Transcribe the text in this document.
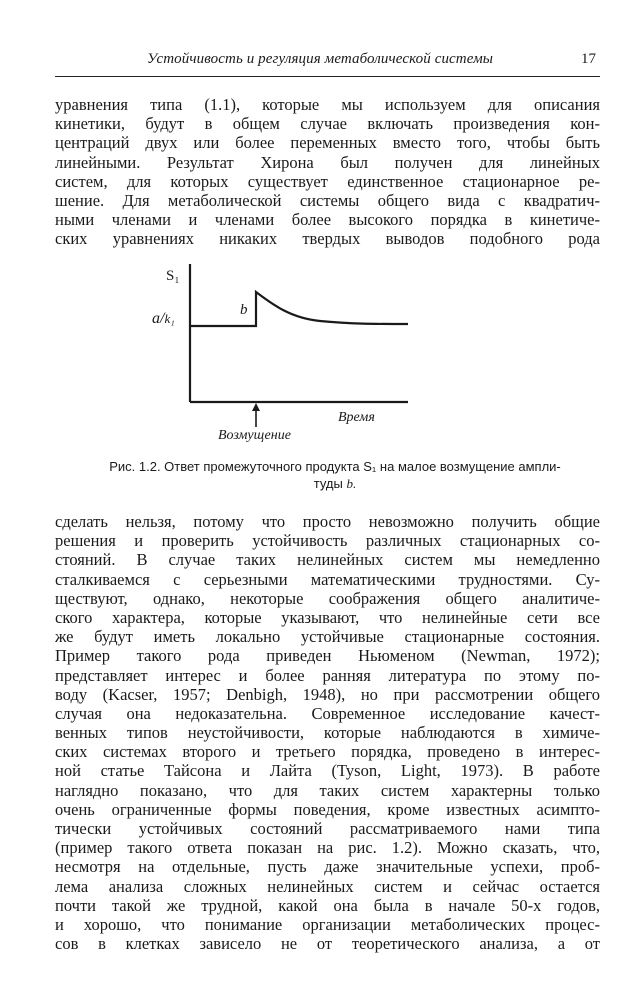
Устойчивость и регуляция метаболической системы	17
уравнения типа (1.1), которые мы используем для описания
кинетики, будут в общем случае включать произведения кон-
центраций двух или более переменных вместо того, чтобы быть
линейными. Результат Хирона был получен для линейных
систем, для которых существует единственное стационарное ре-
шение. Для метаболической системы общего вида с квадратич-
ными членами и членами более высокого порядка в кинетиче-
ских уравнениях никаких твердых выводов подобного рода
S₁
a/k₁
b
Время
Возмущение
Рис. 1.2. Ответ промежуточного продукта S₁ на малое возмущение ампли-
туды b.
сделать нельзя, потому что просто невозможно получить общие
решения и проверить устойчивость различных стационарных со-
стояний. В случае таких нелинейных систем мы немедленно
сталкиваемся с серьезными математическими трудностями. Су-
ществуют, однако, некоторые соображения общего аналитиче-
ского характера, которые указывают, что нелинейные сети все
же будут иметь локально устойчивые стационарные состояния.
Пример такого рода приведен Ньюменом (Newman, 1972);
представляет интерес и более ранняя литература по этому по-
воду (Kacser, 1957; Denbigh, 1948), но при рассмотрении общего
случая она недоказательна. Современное исследование качест-
венных типов неустойчивости, которые наблюдаются в химиче-
ских системах второго и третьего порядка, проведено в интерес-
ной статье Тайсона и Лайта (Tyson, Light, 1973). В работе
наглядно показано, что для таких систем характерны только
очень ограниченные формы поведения, кроме известных асимпто-
тически устойчивых состояний рассматриваемого нами типа
(пример такого ответа показан на рис. 1.2). Можно сказать, что,
несмотря на отдельные, пусть даже значительные успехи, проб-
лема анализа сложных нелинейных систем и сейчас остается
почти такой же трудной, какой она была в начале 50-х годов,
и хорошо, что понимание организации метаболических процес-
сов в клетках зависело не от теоретического анализа, а от
